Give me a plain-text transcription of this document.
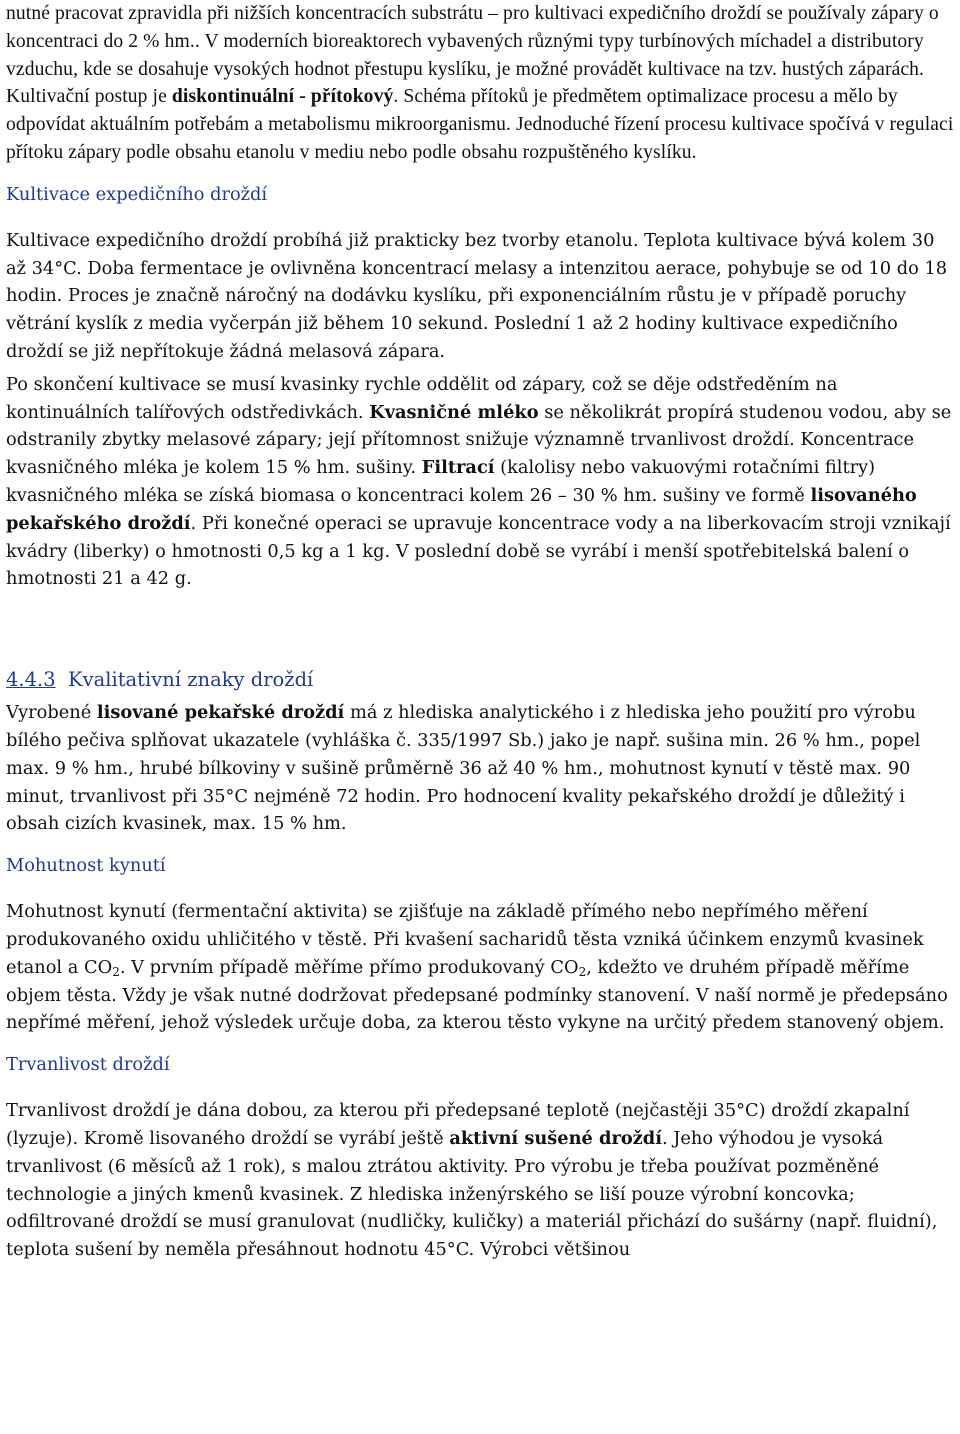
nutné pracovat zpravidla při nižších koncentracích substrátu – pro kultivaci expedičního droždí se používaly zápary o koncentraci do 2 % hm.. V moderních bioreaktorech vybavených různými typy turbínových míchadel a distributory vzduchu, kde se dosahuje vysokých hodnot přestupu kyslíku, je možné provádět kultivace na tzv. hustých záparách. Kultivační postup je diskontinuální - přítokový. Schéma přítoků je předmětem optimalizace procesu a mělo by odpovídat aktuálním potřebám a metabolismu mikroorganismu. Jednoduché řízení procesu kultivace spočívá v regulaci přítoku zápary podle obsahu etanolu v mediu nebo podle obsahu rozpuštěného kyslíku.

Kultivace expedičního droždí

Kultivace expedičního droždí probíhá již prakticky bez tvorby etanolu. Teplota kultivace bývá kolem 30 až 34°C. Doba fermentace je ovlivněna koncentrací melasy a intenzitou aerace, pohybuje se od 10 do 18 hodin. Proces je značně náročný na dodávku kyslíku, při exponenciálním růstu je v případě poruchy větrání kyslík z media vyčerpán již během 10 sekund. Poslední 1 až 2 hodiny kultivace expedičního droždí se již nepřítokuje žádná melasová zápara.

Po skončení kultivace se musí kvasinky rychle oddělit od zápary, což se děje odstředěním na kontinuálních talířových odstředivkách. Kvasničné mléko se několikrát propírá studenou vodou, aby se odstranily zbytky melasové zápary; její přítomnost snižuje významně trvanlivost droždí. Koncentrace kvasničného mléka je kolem 15 % hm. sušiny. Filtrací (kalolisy nebo vakuovými rotačními filtry) kvasničného mléka se získá biomasa o koncentraci kolem 26 – 30 % hm. sušiny ve formě lisovaného pekařského droždí. Při konečné operaci se upravuje koncentrace vody a na liberkovacím stroji vznikají kvádry (liberky) o hmotnosti 0,5 kg a 1 kg. V poslední době se vyrábí i menší spotřebitelská balení o hmotnosti 21 a 42 g.

4.4.3 Kvalitativní znaky droždí

Vyrobené lisované pekařské droždí má z hlediska analytického i z hlediska jeho použití pro výrobu bílého pečiva splňovat ukazatele (vyhláška č. 335/1997 Sb.) jako je např. sušina min. 26 % hm., popel max. 9 % hm., hrubé bílkoviny v sušině průměrně 36 až 40 % hm., mohutnost kynutí v těstě max. 90 minut, trvanlivost při 35°C nejméně 72 hodin. Pro hodnocení kvality pekařského droždí je důležitý i obsah cizích kvasinek, max. 15 % hm.

Mohutnost kynutí

Mohutnost kynutí (fermentační aktivita) se zjišťuje na základě přímého nebo nepřímého měření produkovaného oxidu uhličitého v těstě. Při kvašení sacharidů těsta vzniká účinkem enzymů kvasinek etanol a $CO_2$. V prvním případě měříme přímo produkovaný $CO_2$, kdežto ve druhém případě měříme objem těsta. Vždy je však nutné dodržovat předepsané podmínky stanovení. V naší normě je předepsáno nepřímé měření, jehož výsledek určuje doba, za kterou těsto vykyne na určitý předem stanovený objem.

Trvanlivost droždí

Trvanlivost droždí je dána dobou, za kterou při předepsané teplotě (nejčastěji 35°C) droždí zkapalní (lyzuje). Kromě lisovaného droždí se vyrábí ještě aktivní sušené droždí. Jeho výhodou je vysoká trvanlivost (6 měsíců až 1 rok), s malou ztrátou aktivity. Pro výrobu je třeba používat pozměněné technologie a jiných kmenů kvasinek. Z hlediska inženýrského se liší pouze výrobní koncovka; odfiltrované droždí se musí granulovat (nudličky, kuličky) a materiál přichází do sušárny (např. fluidní), teplota sušení by neměla přesáhnout hodnotu 45°C. Výrobci většinou
